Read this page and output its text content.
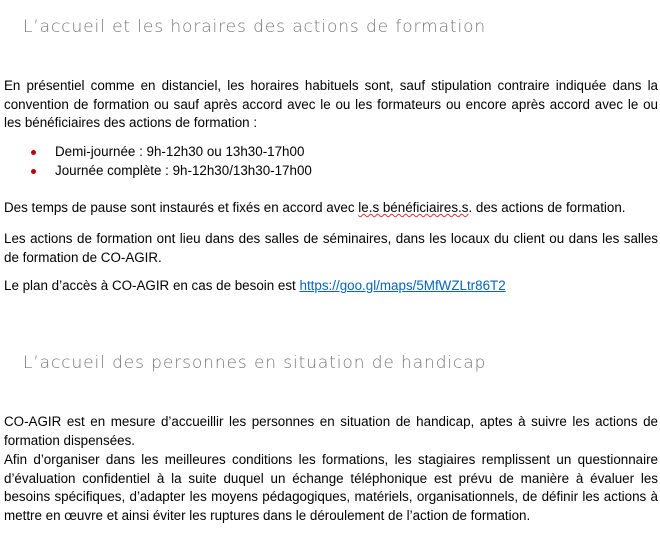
L’accueil et les horaires des actions de formation

En présentiel comme en distanciel, les horaires habituels sont, sauf stipulation contraire indiquée dans la convention de formation ou sauf après accord avec le ou les formateurs ou encore après accord avec le ou les bénéficiaires des actions de formation :

Demi-journée : 9h-12h30 ou 13h30-17h00
Journée complète : 9h-12h30/13h30-17h00

Des temps de pause sont instaurés et fixés en accord avec le.s bénéficiaires.s. des actions de formation.

Les actions de formation ont lieu dans des salles de séminaires, dans les locaux du client ou dans les salles de formation de CO-AGIR.

Le plan d’accès à CO-AGIR en cas de besoin est https://goo.gl/maps/5MfWZLtr86T2

L’accueil des personnes en situation de handicap

CO-AGIR est en mesure d’accueillir les personnes en situation de handicap, aptes à suivre les actions de formation dispensées.

Afin d’organiser dans les meilleures conditions les formations, les stagiaires remplissent un questionnaire d’évaluation confidentiel à la suite duquel un échange téléphonique est prévu de manière à évaluer les besoins spécifiques, d’adapter les moyens pédagogiques, matériels, organisationnels, de définir les actions à mettre en œuvre et ainsi éviter les ruptures dans le déroulement de l’action de formation.
